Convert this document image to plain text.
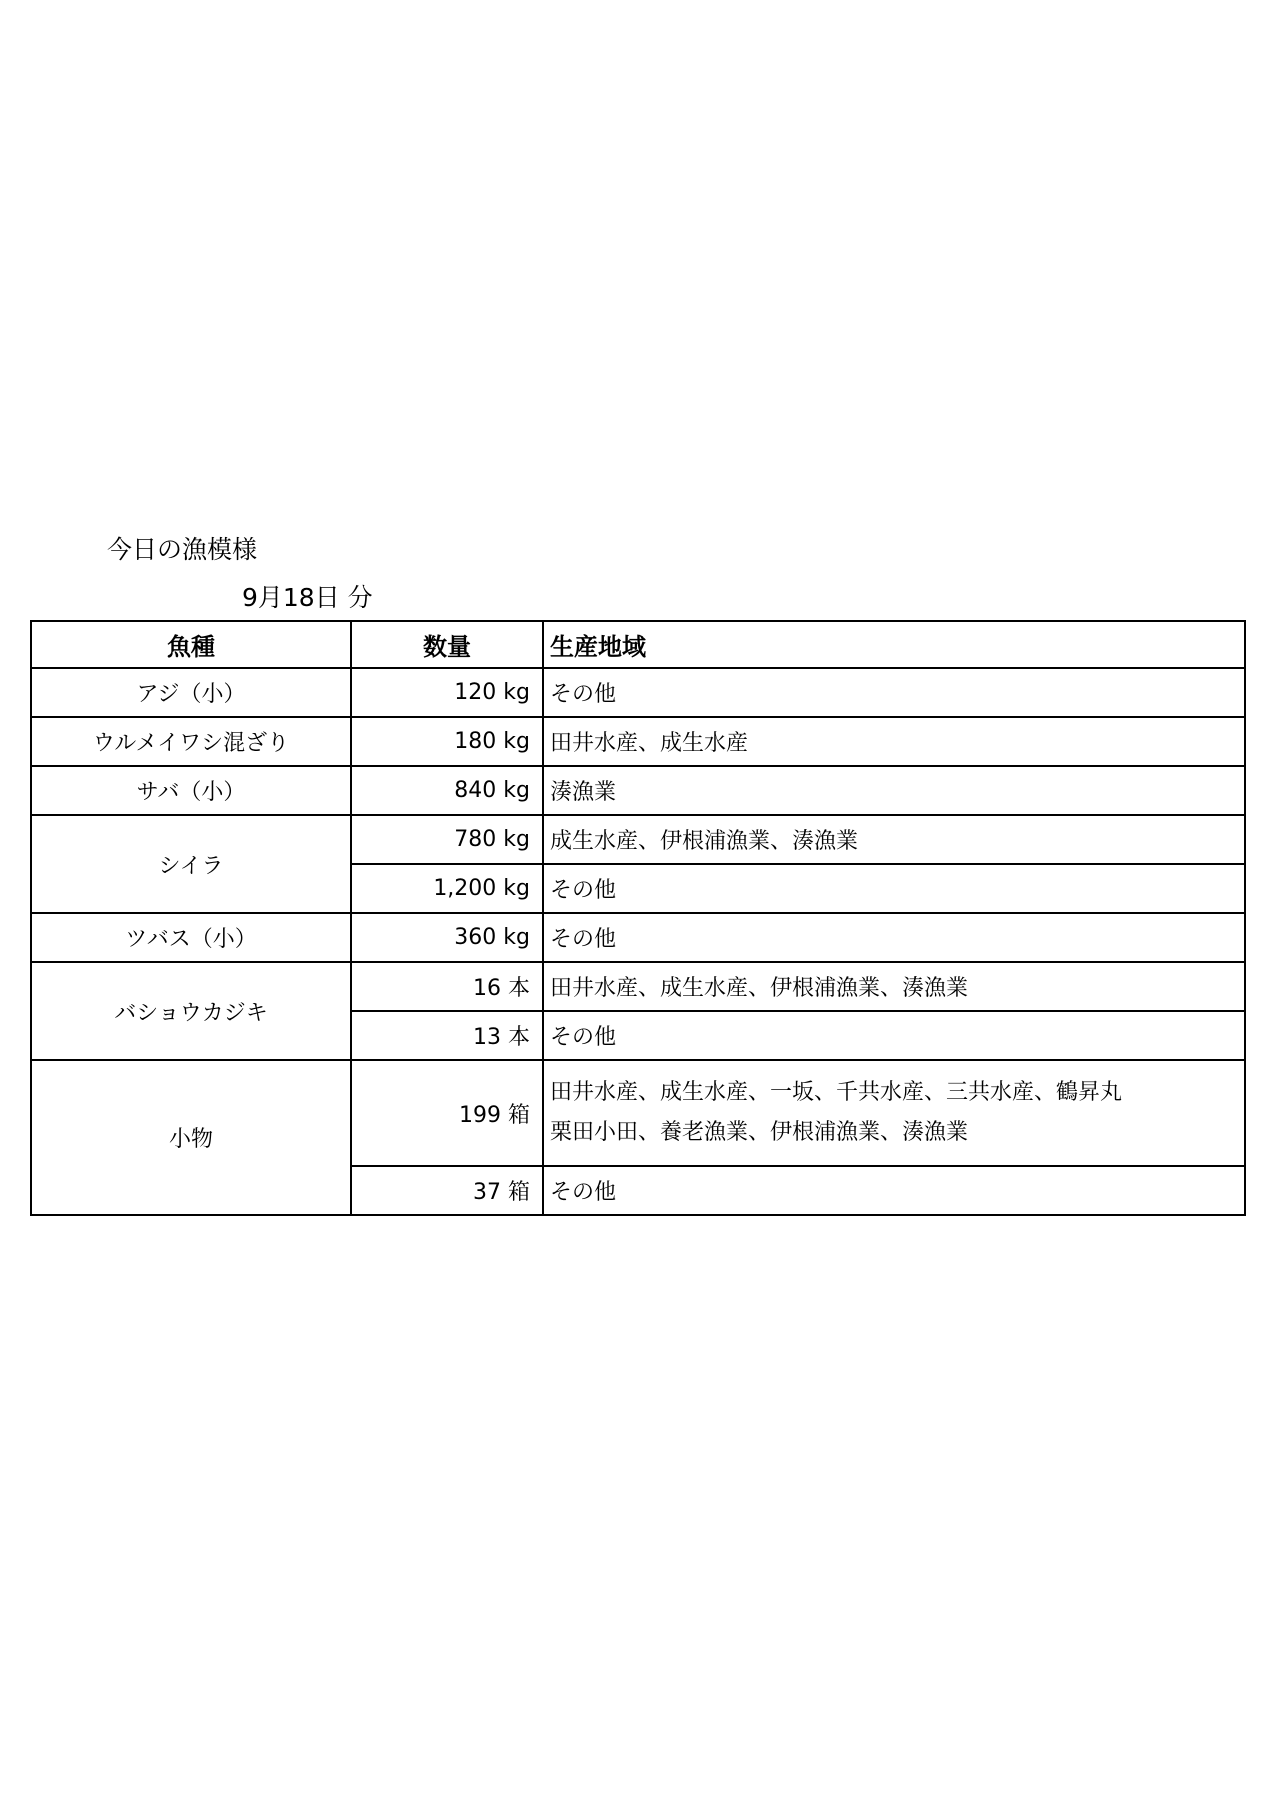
今日の漁模様
9月18日 分
魚種	数量	生産地域
アジ（小）	120 kg	その他
ウルメイワシ混ざり	180 kg	田井水産、成生水産
サバ（小）	840 kg	湊漁業
シイラ	780 kg	成生水産、伊根浦漁業、湊漁業
	1,200 kg	その他
ツバス（小）	360 kg	その他
バショウカジキ	16 本	田井水産、成生水産、伊根浦漁業、湊漁業
	13 本	その他
小物	199 箱	田井水産、成生水産、一坂、千共水産、三共水産、鶴昇丸
栗田小田、養老漁業、伊根浦漁業、湊漁業

	37 箱	その他
